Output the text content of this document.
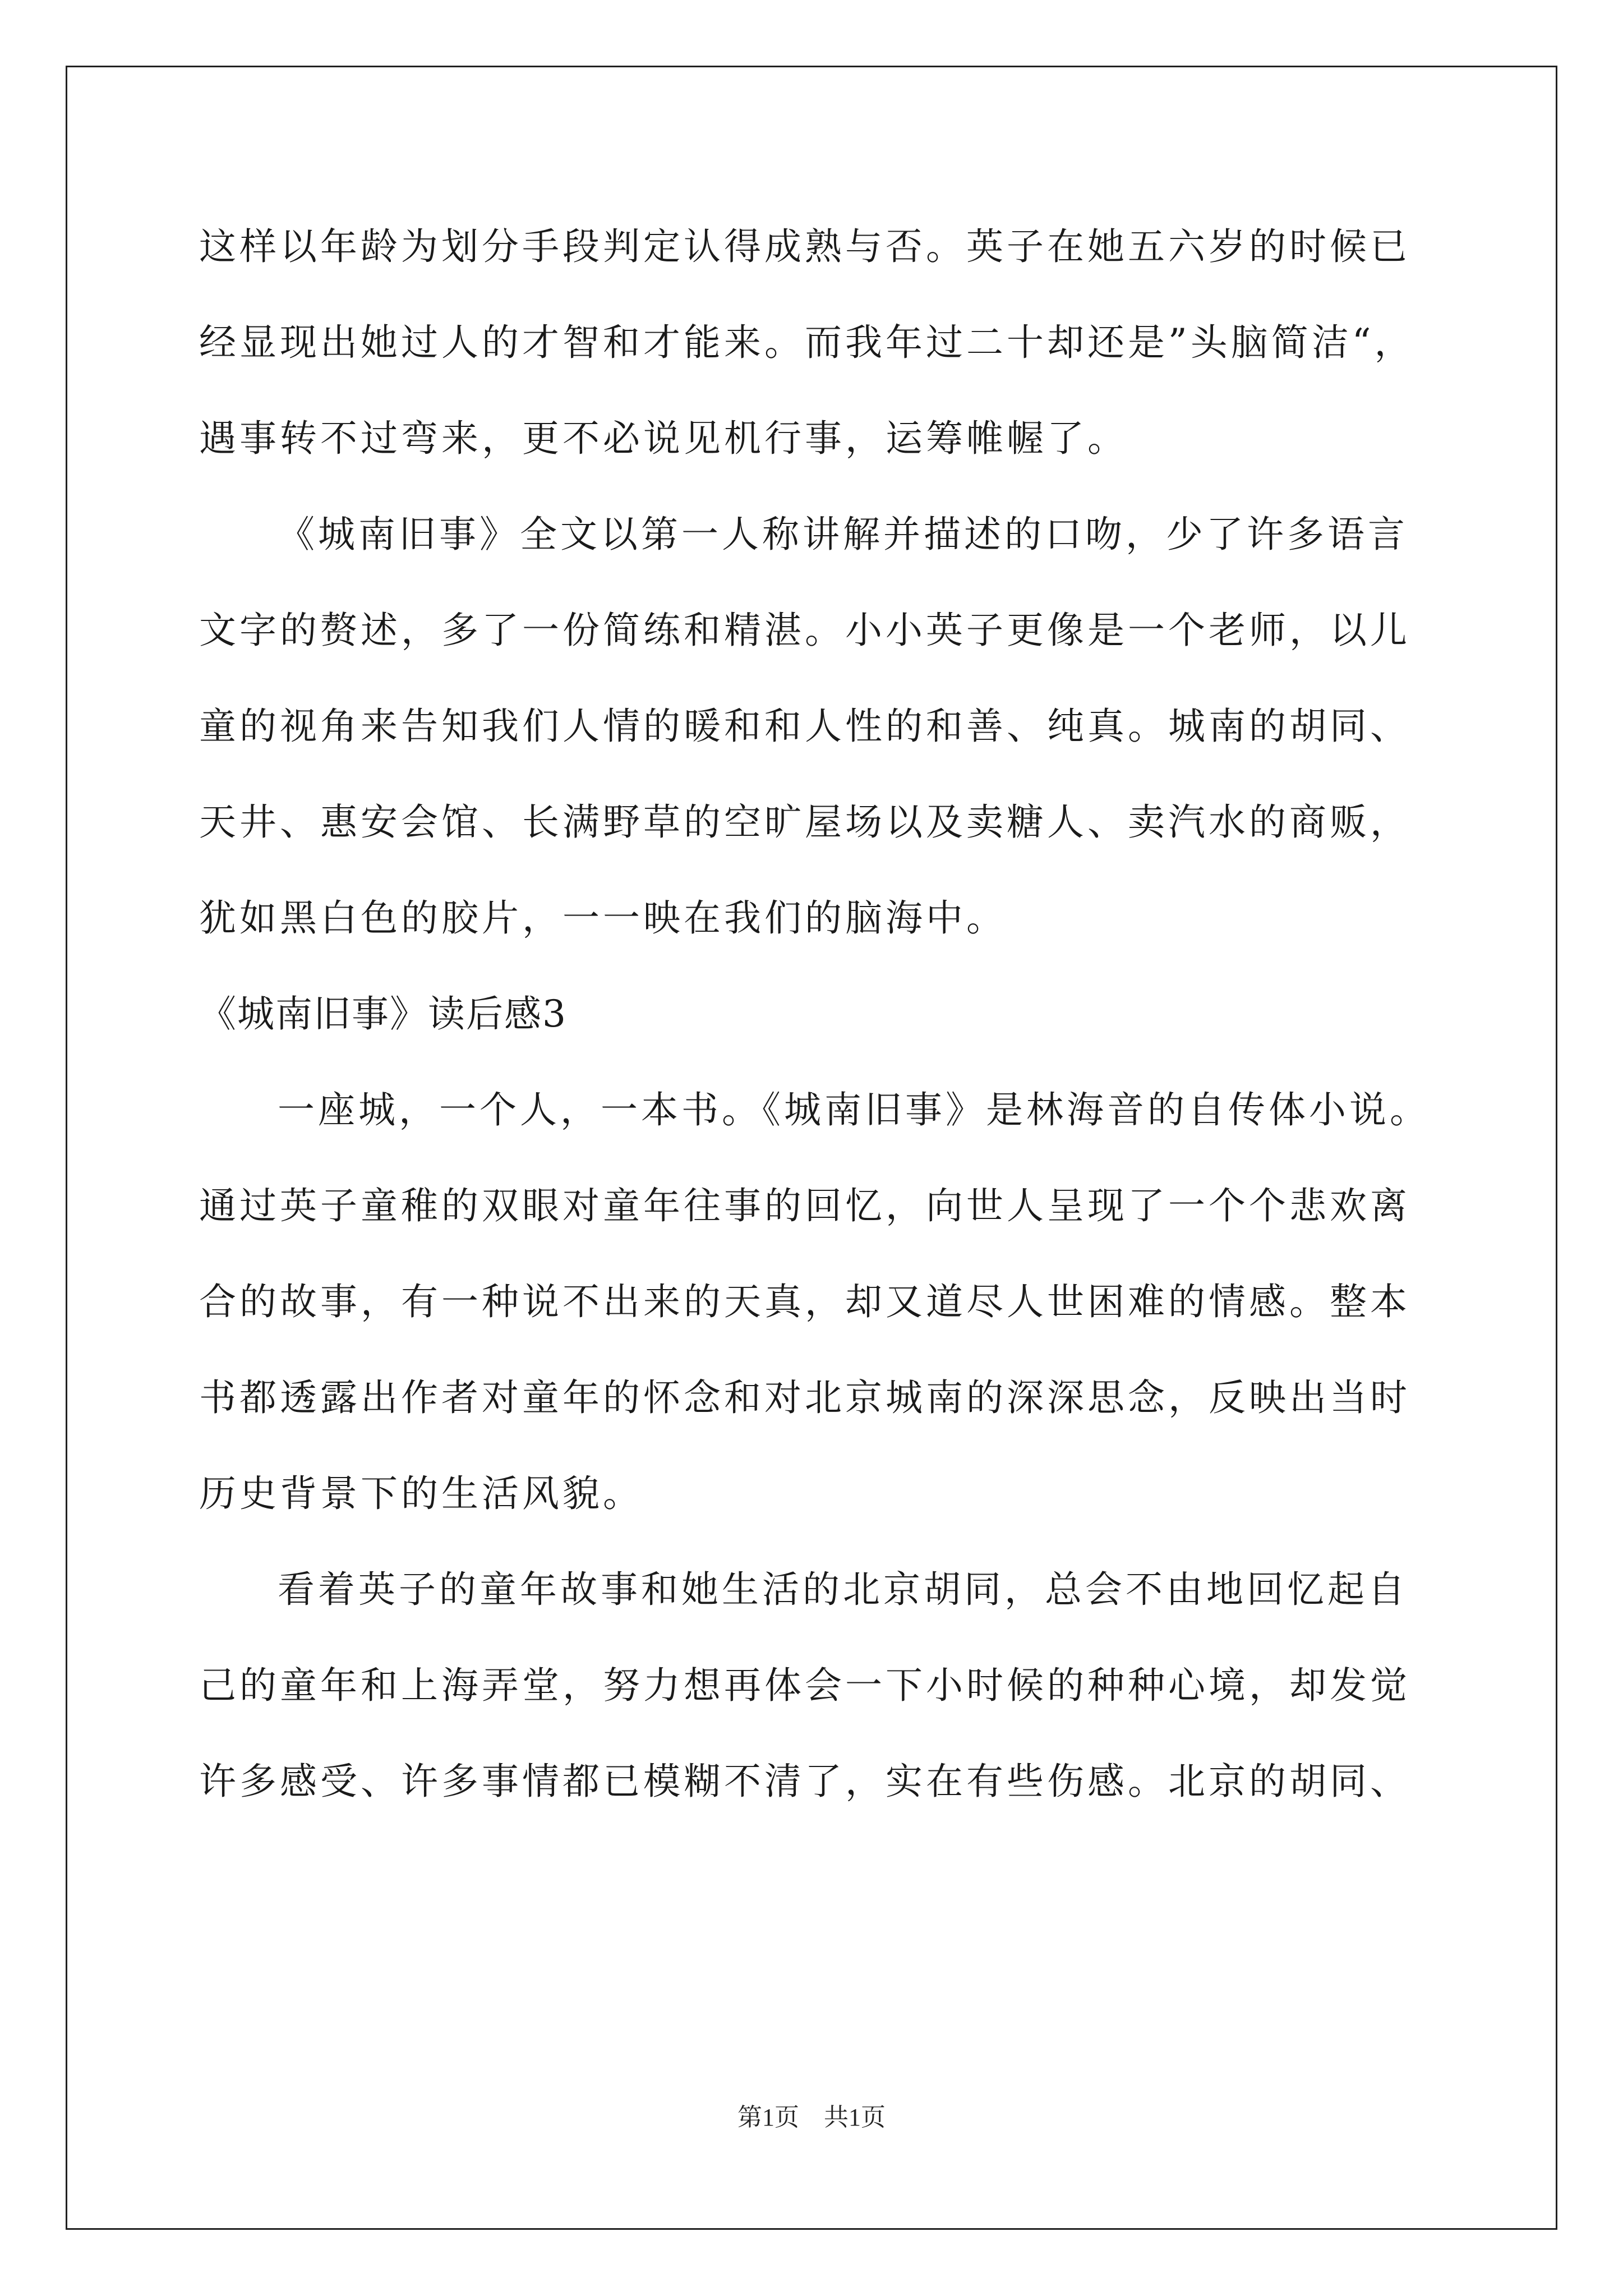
这样以年龄为划分手段判定认得成熟与否。英子在她五六岁的时候已
经显现出她过人的才智和才能来。而我年过二十却还是”头脑简洁“，
遇事转不过弯来，更不必说见机行事，运筹帷幄了。
《城南旧事》全文以第一人称讲解并描述的口吻，少了许多语言
文字的赘述，多了一份简练和精湛。小小英子更像是一个老师，以儿
童的视角来告知我们人情的暖和和人性的和善、纯真。城南的胡同、
天井、惠安会馆、长满野草的空旷屋场以及卖糖人、卖汽水的商贩，
犹如黑白色的胶片，一一映在我们的脑海中。
《城南旧事》读后感3
一座城，一个人，一本书。《城南旧事》是林海音的自传体小说。
通过英子童稚的双眼对童年往事的回忆，向世人呈现了一个个悲欢离
合的故事，有一种说不出来的天真，却又道尽人世困难的情感。整本
书都透露出作者对童年的怀念和对北京城南的深深思念，反映出当时
历史背景下的生活风貌。
看着英子的童年故事和她生活的北京胡同，总会不由地回忆起自
己的童年和上海弄堂，努力想再体会一下小时候的种种心境，却发觉
许多感受、许多事情都已模糊不清了，实在有些伤感。北京的胡同、
第1页 共1页
